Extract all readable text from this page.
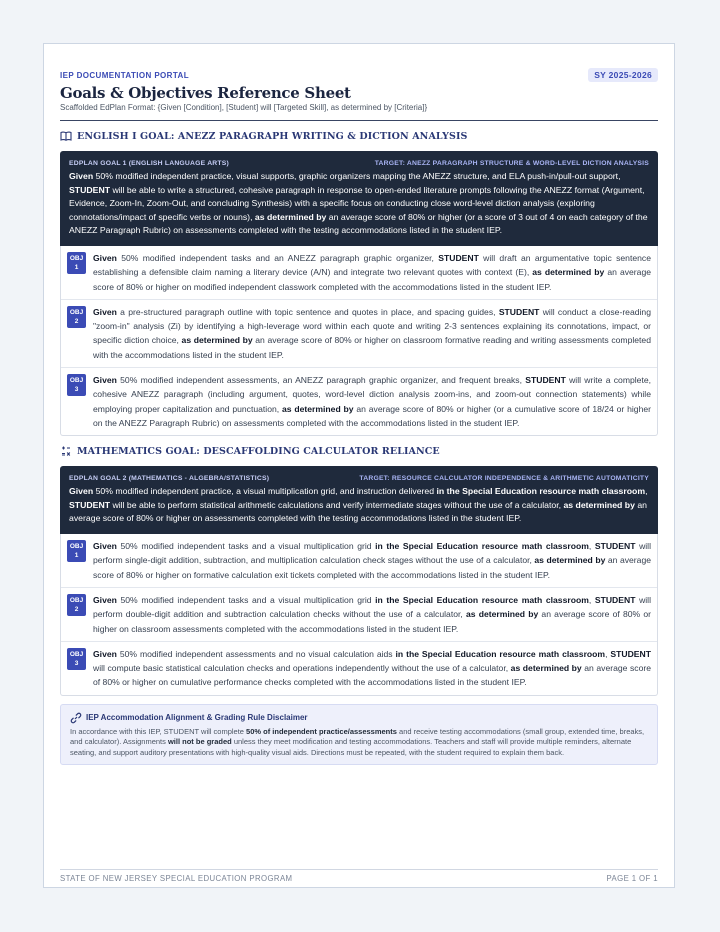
IEP DOCUMENTATION PORTAL	SY 2025-2026
Goals & Objectives Reference Sheet
Scaffolded EdPlan Format: {Given [Condition], [Student] will [Targeted Skill], as determined by [Criteria]}
ENGLISH I GOAL: ANEZZ PARAGRAPH WRITING & DICTION ANALYSIS
EDPLAN GOAL 1 (ENGLISH LANGUAGE ARTS)	TARGET: ANEZZ PARAGRAPH STRUCTURE & WORD-LEVEL DICTION ANALYSIS
Given 50% modified independent practice, visual supports, graphic organizers mapping the ANEZZ structure, and ELA push-in/pull-out support, STUDENT will be able to write a structured, cohesive paragraph in response to open-ended literature prompts following the ANEZZ format (Argument, Evidence, Zoom-In, Zoom-Out, and concluding Synthesis) with a specific focus on conducting close word-level diction analysis (exploring connotations/impact of specific verbs or nouns), as determined by an average score of 80% or higher (or a score of 3 out of 4 on each category of the ANEZZ Paragraph Rubric) on assessments completed with the testing accommodations listed in the student IEP.
OBJ
1
Given 50% modified independent tasks and an ANEZZ paragraph graphic organizer, STUDENT will draft an argumentative topic sentence establishing a defensible claim naming a literary device (A/N) and integrate two relevant quotes with context (E), as determined by an average score of 80% or higher on modified independent classwork completed with the accommodations listed in the student IEP.
OBJ
2
Given a pre-structured paragraph outline with topic sentence and quotes in place, and spacing guides, STUDENT will conduct a close-reading "zoom-in" analysis (Zi) by identifying a high-leverage word within each quote and writing 2-3 sentences explaining its connotations, impact, or specific diction choice, as determined by an average score of 80% or higher on classroom formative reading and writing assessments completed with the accommodations listed in the student IEP.
OBJ
3
Given 50% modified independent assessments, an ANEZZ paragraph graphic organizer, and frequent breaks, STUDENT will write a complete, cohesive ANEZZ paragraph (including argument, quotes, word-level diction analysis zoom-ins, and zoom-out connection statements) while employing proper capitalization and punctuation, as determined by an average score of 80% or higher (or a cumulative score of 18/24 or higher on the ANEZZ Paragraph Rubric) on assessments completed with the accommodations listed in the student IEP.
MATHEMATICS GOAL: DESCAFFOLDING CALCULATOR RELIANCE
EDPLAN GOAL 2 (MATHEMATICS - ALGEBRA/STATISTICS)	TARGET: RESOURCE CALCULATOR INDEPENDENCE & ARITHMETIC AUTOMATICITY
Given 50% modified independent practice, a visual multiplication grid, and instruction delivered in the Special Education resource math classroom, STUDENT will be able to perform statistical arithmetic calculations and verify intermediate stages without the use of a calculator, as determined by an average score of 80% or higher on assessments completed with the testing accommodations listed in the student IEP.
OBJ
1
Given 50% modified independent tasks and a visual multiplication grid in the Special Education resource math classroom, STUDENT will perform single-digit addition, subtraction, and multiplication calculation check stages without the use of a calculator, as determined by an average score of 80% or higher on formative calculation exit tickets completed with the accommodations listed in the student IEP.
OBJ
2
Given 50% modified independent tasks and a visual multiplication grid in the Special Education resource math classroom, STUDENT will perform double-digit addition and subtraction calculation checks without the use of a calculator, as determined by an average score of 80% or higher on classroom assessments completed with the accommodations listed in the student IEP.
OBJ
3
Given 50% modified independent assessments and no visual calculation aids in the Special Education resource math classroom, STUDENT will compute basic statistical calculation checks and operations independently without the use of a calculator, as determined by an average score of 80% or higher on cumulative performance checks completed with the accommodations listed in the student IEP.
IEP Accommodation Alignment & Grading Rule Disclaimer
In accordance with this IEP, STUDENT will complete 50% of independent practice/assessments and receive testing accommodations (small group, extended time, breaks, and calculator). Assignments will not be graded unless they meet modification and testing accommodations. Teachers and staff will provide multiple reminders, alternate seating, and support auditory presentations with high-quality visual aids. Directions must be repeated, with the student required to explain them back.
STATE OF NEW JERSEY SPECIAL EDUCATION PROGRAM	PAGE 1 OF 1
